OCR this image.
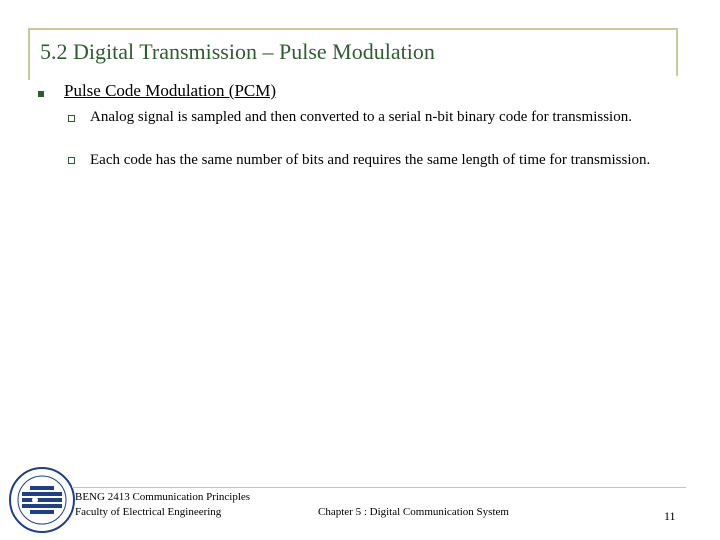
5.2 Digital Transmission – Pulse Modulation
Pulse Code Modulation (PCM)
Analog signal is sampled and then converted to a serial n-bit binary code for transmission.
Each code has the same number of bits and requires the same length of time for transmission.
BENG 2413 Communication Principles
Faculty of Electrical Engineering	Chapter 5 : Digital Communication System	11
